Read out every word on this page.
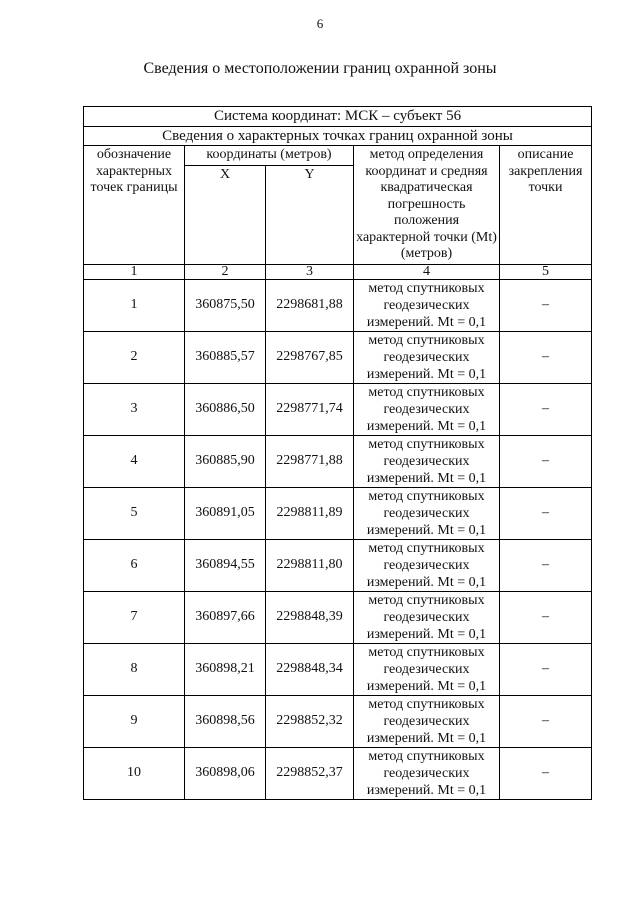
6
Сведения о местоположении границ охранной зоны
Система координат: МСК – субъект 56				
Сведения о характерных точках границ охранной зоны				
обозначение характерных точек границы	координаты (метров)		метод определения координат и средняя квадратическая погрешность положения характерной точки (Mt) (метров)	описание закрепления точки
	X	Y		
1	2	3	4	5
1	360875,50	2298681,88	метод спутниковых геодезических измерений. Mt = 0,1	–
2	360885,57	2298767,85	метод спутниковых геодезических измерений. Mt = 0,1	–
3	360886,50	2298771,74	метод спутниковых геодезических измерений. Mt = 0,1	–
4	360885,90	2298771,88	метод спутниковых геодезических измерений. Mt = 0,1	–
5	360891,05	2298811,89	метод спутниковых геодезических измерений. Mt = 0,1	–
6	360894,55	2298811,80	метод спутниковых геодезических измерений. Mt = 0,1	–
7	360897,66	2298848,39	метод спутниковых геодезических измерений. Mt = 0,1	–
8	360898,21	2298848,34	метод спутниковых геодезических измерений. Mt = 0,1	–
9	360898,56	2298852,32	метод спутниковых геодезических измерений. Mt = 0,1	–
10	360898,06	2298852,37	метод спутниковых геодезических измерений. Mt = 0,1	–
